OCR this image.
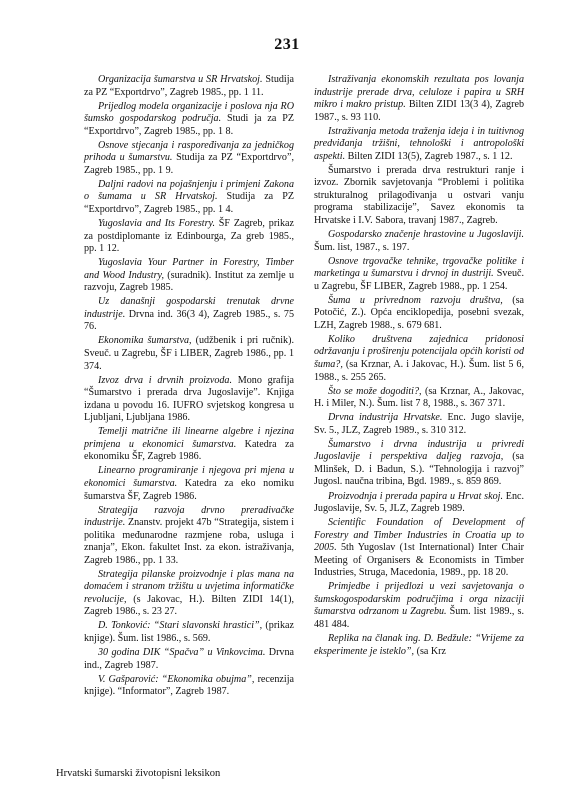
231

Organizacija šumarstva u SR Hrvatskoj. Studija za PZ “Exportdrvo”, Zagreb 1985., pp. 1 11.

Prijedlog modela organizacije i poslova nja RO šumsko gospodarskog područja. Studi ja za PZ “Exportdrvo”, Zagreb 1985., pp. 1 8.

Osnove stjecanja i raspoređivanja za jedničkog prihoda u šumarstvu. Studija za PZ “Exportdrvo”, Zagreb 1985., pp. 1 9.

Daljni radovi na pojašnjenju i primjeni Zakona o šumama u SR Hrvatskoj. Studija za PZ “Exportdrvo”, Zagreb 1985., pp. 1 4.

Yugoslavia and Its Forestry. ŠF Zagreb, prikaz za postdiplomante iz Edinbourga, Za greb 1985., pp. 1 12.

Yugoslavia Your Partner in Forestry, Timber and Wood Industry, (suradnik). Institut za zemlje u razvoju, Zagreb 1985.

Uz današnji gospodarski trenutak drvne industrije. Drvna ind. 36(3 4), Zagreb 1985., s. 75 76.

Ekonomika šumarstva, (udžbenik i pri ručnik). Sveuč. u Zagrebu, ŠF i LIBER, Zagreb 1986., pp. 1 374.

Izvoz drva i drvnih proizvoda. Mono grafija “Šumarstvo i prerada drva Jugoslavije”. Knjiga izdana u povodu 16. IUFRO svjetskog kongresa u Ljubljani, Ljubljana 1986.

Temelji matrične ili linearne algebre i njezina primjena u ekonomici šumarstva. Katedra za ekonomiku ŠF, Zagreb 1986.

Linearno programiranje i njegova pri mjena u ekonomici šumarstva. Katedra za eko nomiku šumarstva ŠF, Zagreb 1986.

Strategija razvoja drvno preradivačke industrije. Znanstv. projekt 47b “Strategija, sistem i politika međunarodne razmjene roba, usluga i znanja”, Ekon. fakultet Inst. za ekon. istraživanja, Zagreb 1986., pp. 1 33.

Strategija pilanske proizvodnje i plas mana na domaćem i stranom tržištu u uvjetima informatičke revolucije, (s Jakovac, H.). Bilten ZIDI 14(1), Zagreb 1986., s. 23 27.

D. Tonković: “Stari slavonski hrastici”, (prikaz knjige). Šum. list 1986., s. 569.

30 godina DIK “Spačva” u Vinkovcima. Drvna ind., Zagreb 1987.

V. Gašparović: “Ekonomika obujma”, recenzija knjige). “Informator”, Zagreb 1987.

Istraživanja ekonomskih rezultata pos lovanja industrije prerade drva, celuloze i papira u SRH mikro i makro pristup. Bilten ZIDI 13(3 4), Zagreb 1987., s. 93 110.

Istraživanja metoda traženja ideja i in tuitivnog predviđanja tržišni, tehnološki i antropološki aspekti. Bilten ZIDI 13(5), Zagreb 1987., s. 1 12.

Šumarstvo i prerada drva restrukturi ranje i izvoz. Zbornik savjetovanja “Problemi i politika strukturalnog prilagođivanja u ostvari vanju programa stabilizacije”, Savez ekonomis ta Hrvatske i I.V. Sabora, travanj 1987., Zagreb.

Gospodarsko značenje hrastovine u Jugoslaviji. Šum. list, 1987., s. 197.

Osnove trgovačke tehnike, trgovačke politike i marketinga u šumarstvu i drvnoj in dustriji. Sveuč. u Zagrebu, ŠF LIBER, Zagreb 1988., pp. 1 254.

Šuma u privrednom razvoju društva, (sa Potočić, Z.). Opća enciklopedija, posebni svezak, LZH, Zagreb 1988., s. 679 681.

Koliko društvena zajednica pridonosi održavanju i proširenju potencijala općih koristi od šuma?, (sa Krznar, A. i Jakovac, H.). Šum. list 5 6, 1988., s. 255 265.

Što se može dogoditi?, (sa Krznar, A., Jakovac, H. i Miler, N.). Šum. list 7 8, 1988., s. 367 371.

Drvna industrija Hrvatske. Enc. Jugo slavije, Sv. 5., JLZ, Zagreb 1989., s. 310 312.

Šumarstvo i drvna industrija u privredi Jugoslavije i perspektiva daljeg razvoja, (sa Mlinšek, D. i Badun, S.). “Tehnologija i razvoj” Jugosl. naučna tribina, Bgd. 1989., s. 859 869.

Proizvodnja i prerada papira u Hrvat skoj. Enc. Jugoslavije, Sv. 5, JLZ, Zagreb 1989.

Scientific Foundation of Development of Forestry and Timber Industries in Croatia up to 2005. 5th Yugoslav (1st International) Inter Chair Meeting of Organisers & Economists in Timber Industries, Struga, Macedonia, 1989., pp. 18 20.

Primjedbe i prijedlozi u vezi savjetovanja o šumskogospodarskim područjima i orga nizaciji šumarstva odrzanom u Zagrebu. Šum. list 1989., s. 481 484.

Replika na članak ing. D. Bedžule: “Vrijeme za eksperimente je isteklo”, (sa Krz

Hrvatski šumarski životopisni leksikon
